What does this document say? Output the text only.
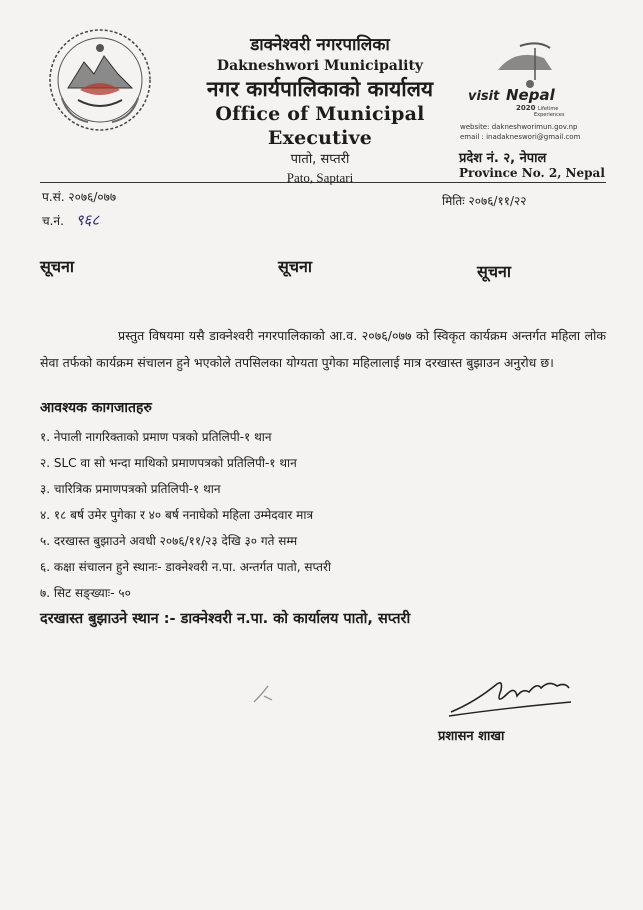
डाक्नेश्वरी नगरपालिका

Dakneshwori Municipality

नगर कार्यपालिकाको कार्यालय

Office of Municipal Executive

पातो, सप्तरी

Pato, Saptari

visit Nepal
2020 Lifetime
Experiences
website: dakneshworimun.gov.np
email : inadakneswori@gmail.com
प्रदेश नं. २, नेपाल
Province No. 2, Nepal
प.सं. २०७६/०७७
च.नं. ९६८
मितिः २०७६/११/२२
सूचना	सूचना	सूचना
प्रस्तुत विषयमा यसै डाक्नेश्वरी नगरपालिकाको आ.व. २०७६/०७७ को स्विकृत कार्यक्रम अन्तर्गत महिला लोक सेवा तर्फको कार्यक्रम संचालन हुने भएकोले तपसिलका योग्यता पुगेका महिलालाई मात्र दरखास्त बुझाउन अनुरोध छ।
आवश्यक कागजातहरु
१. नेपाली नागरिक्ताको प्रमाण पत्रको प्रतिलिपी-१ थान
२. SLC वा सो भन्दा माथिको प्रमाणपत्रको प्रतिलिपी-१ थान
३. चारित्रिक प्रमाणपत्रको प्रतिलिपी-१ थान
४. १८ बर्ष उमेर पुगेका र ४० बर्ष ननाघेको महिला उम्मेदवार मात्र
५. दरखास्त बुझाउने अवधी २०७६/११/२३ देखि ३० गते सम्म
६. कक्षा संचालन हुने स्थानः- डाक्नेश्वरी न.पा. अन्तर्गत पातो, सप्तरी
७. सिट सङ्ख्याः- ५०
दरखास्त बुझाउने स्थान :- डाक्नेश्वरी न.पा. को कार्यालय पातो, सप्तरी
प्रशासन शाखा
